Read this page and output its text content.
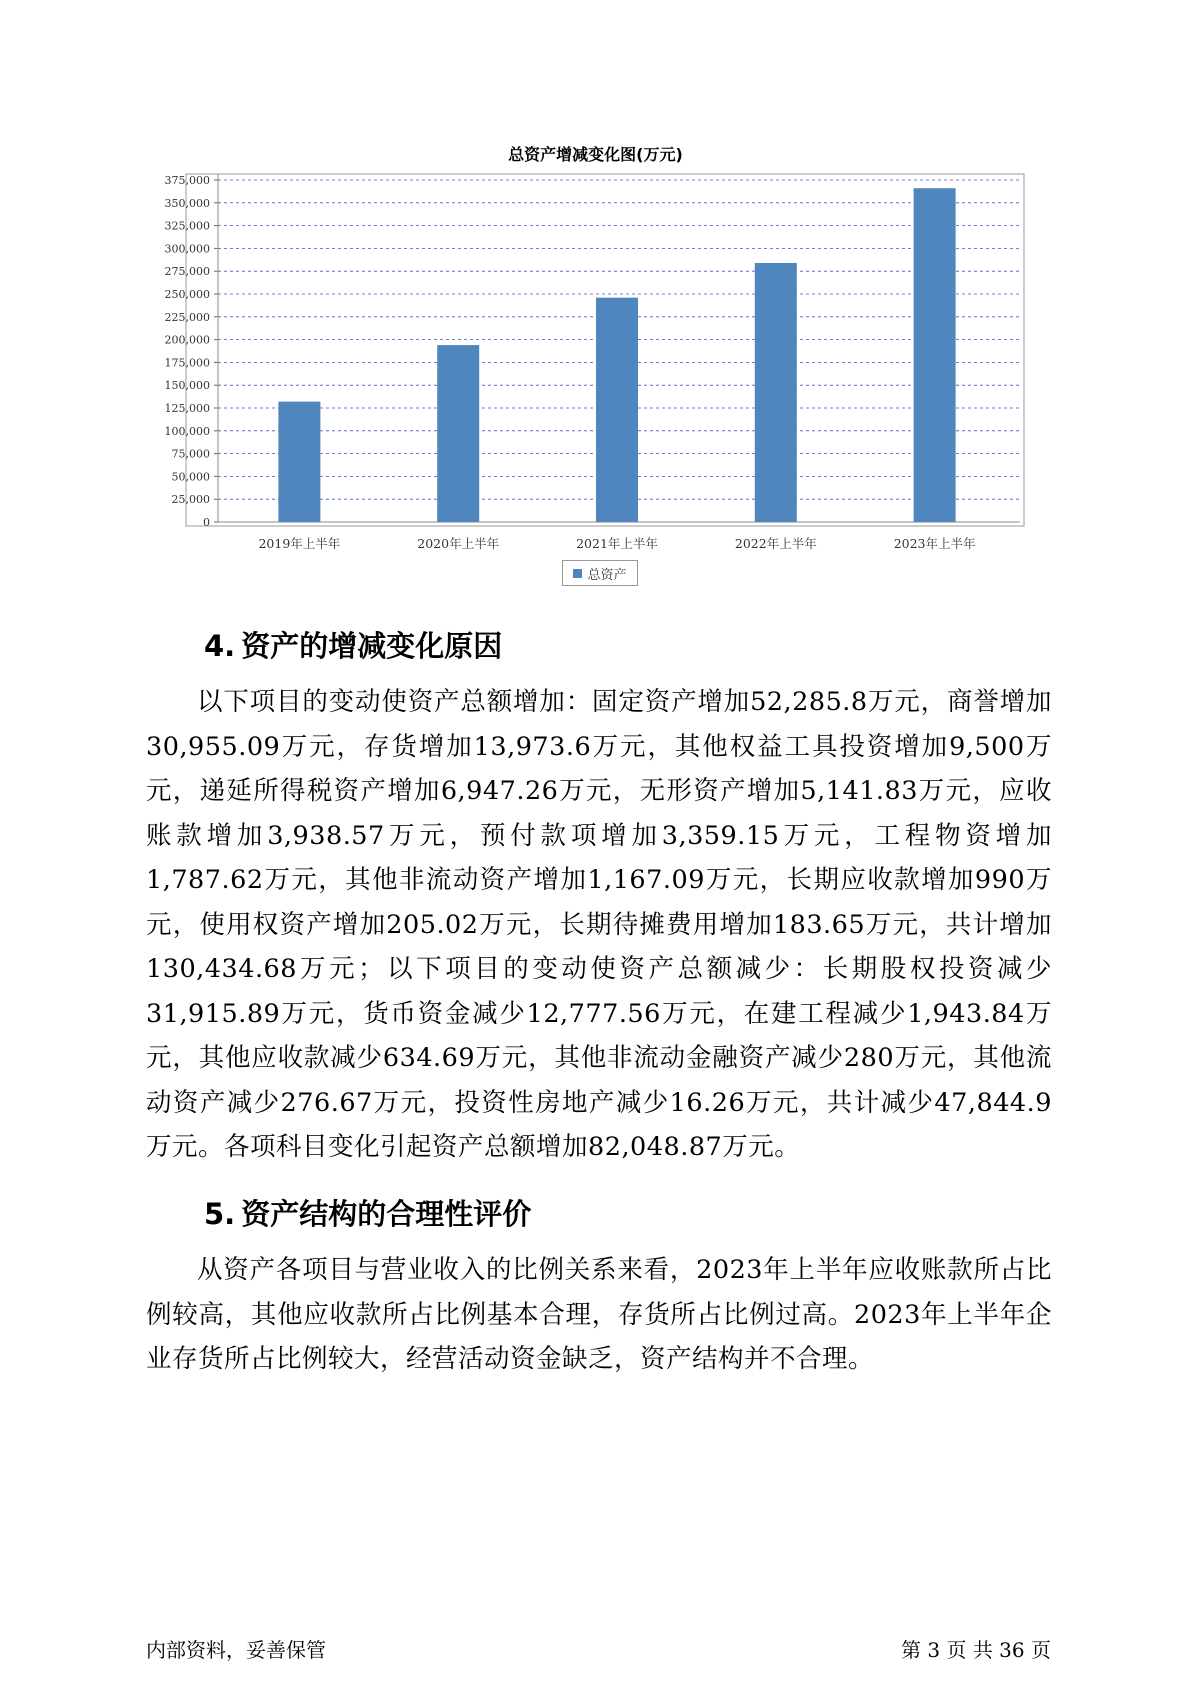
总资产增减变化图(万元)
0
25,000
50,000
75,000
100,000
125,000
150,000
175,000
200,000
225,000
250,000
275,000
300,000
325,000
350,000
375,000
2019年上半年	2020年上半年	2021年上半年	2022年上半年	2023年上半年
总资产
4. 资产的增减变化原因

以下项目的变动使资产总额增加：固定资产增加52,285.8万元，商誉增加30,955.09万元，存货增加13,973.6万元，其他权益工具投资增加9,500万元，递延所得税资产增加6,947.26万元，无形资产增加5,141.83万元，应收账款增加3,938.57万元，预付款项增加3,359.15万元，工程物资增加1,787.62万元，其他非流动资产增加1,167.09万元，长期应收款增加990万元，使用权资产增加205.02万元，长期待摊费用增加183.65万元，共计增加130,434.68万元；以下项目的变动使资产总额减少：长期股权投资减少31,915.89万元，货币资金减少12,777.56万元，在建工程减少1,943.84万元，其他应收款减少634.69万元，其他非流动金融资产减少280万元，其他流动资产减少276.67万元，投资性房地产减少16.26万元，共计减少47,844.9万元。各项科目变化引起资产总额增加82,048.87万元。

5. 资产结构的合理性评价

从资产各项目与营业收入的比例关系来看，2023年上半年应收账款所占比例较高，其他应收款所占比例基本合理，存货所占比例过高。2023年上半年企业存货所占比例较大，经营活动资金缺乏，资产结构并不合理。

内部资料，妥善保管	第 3 页 共 36 页
